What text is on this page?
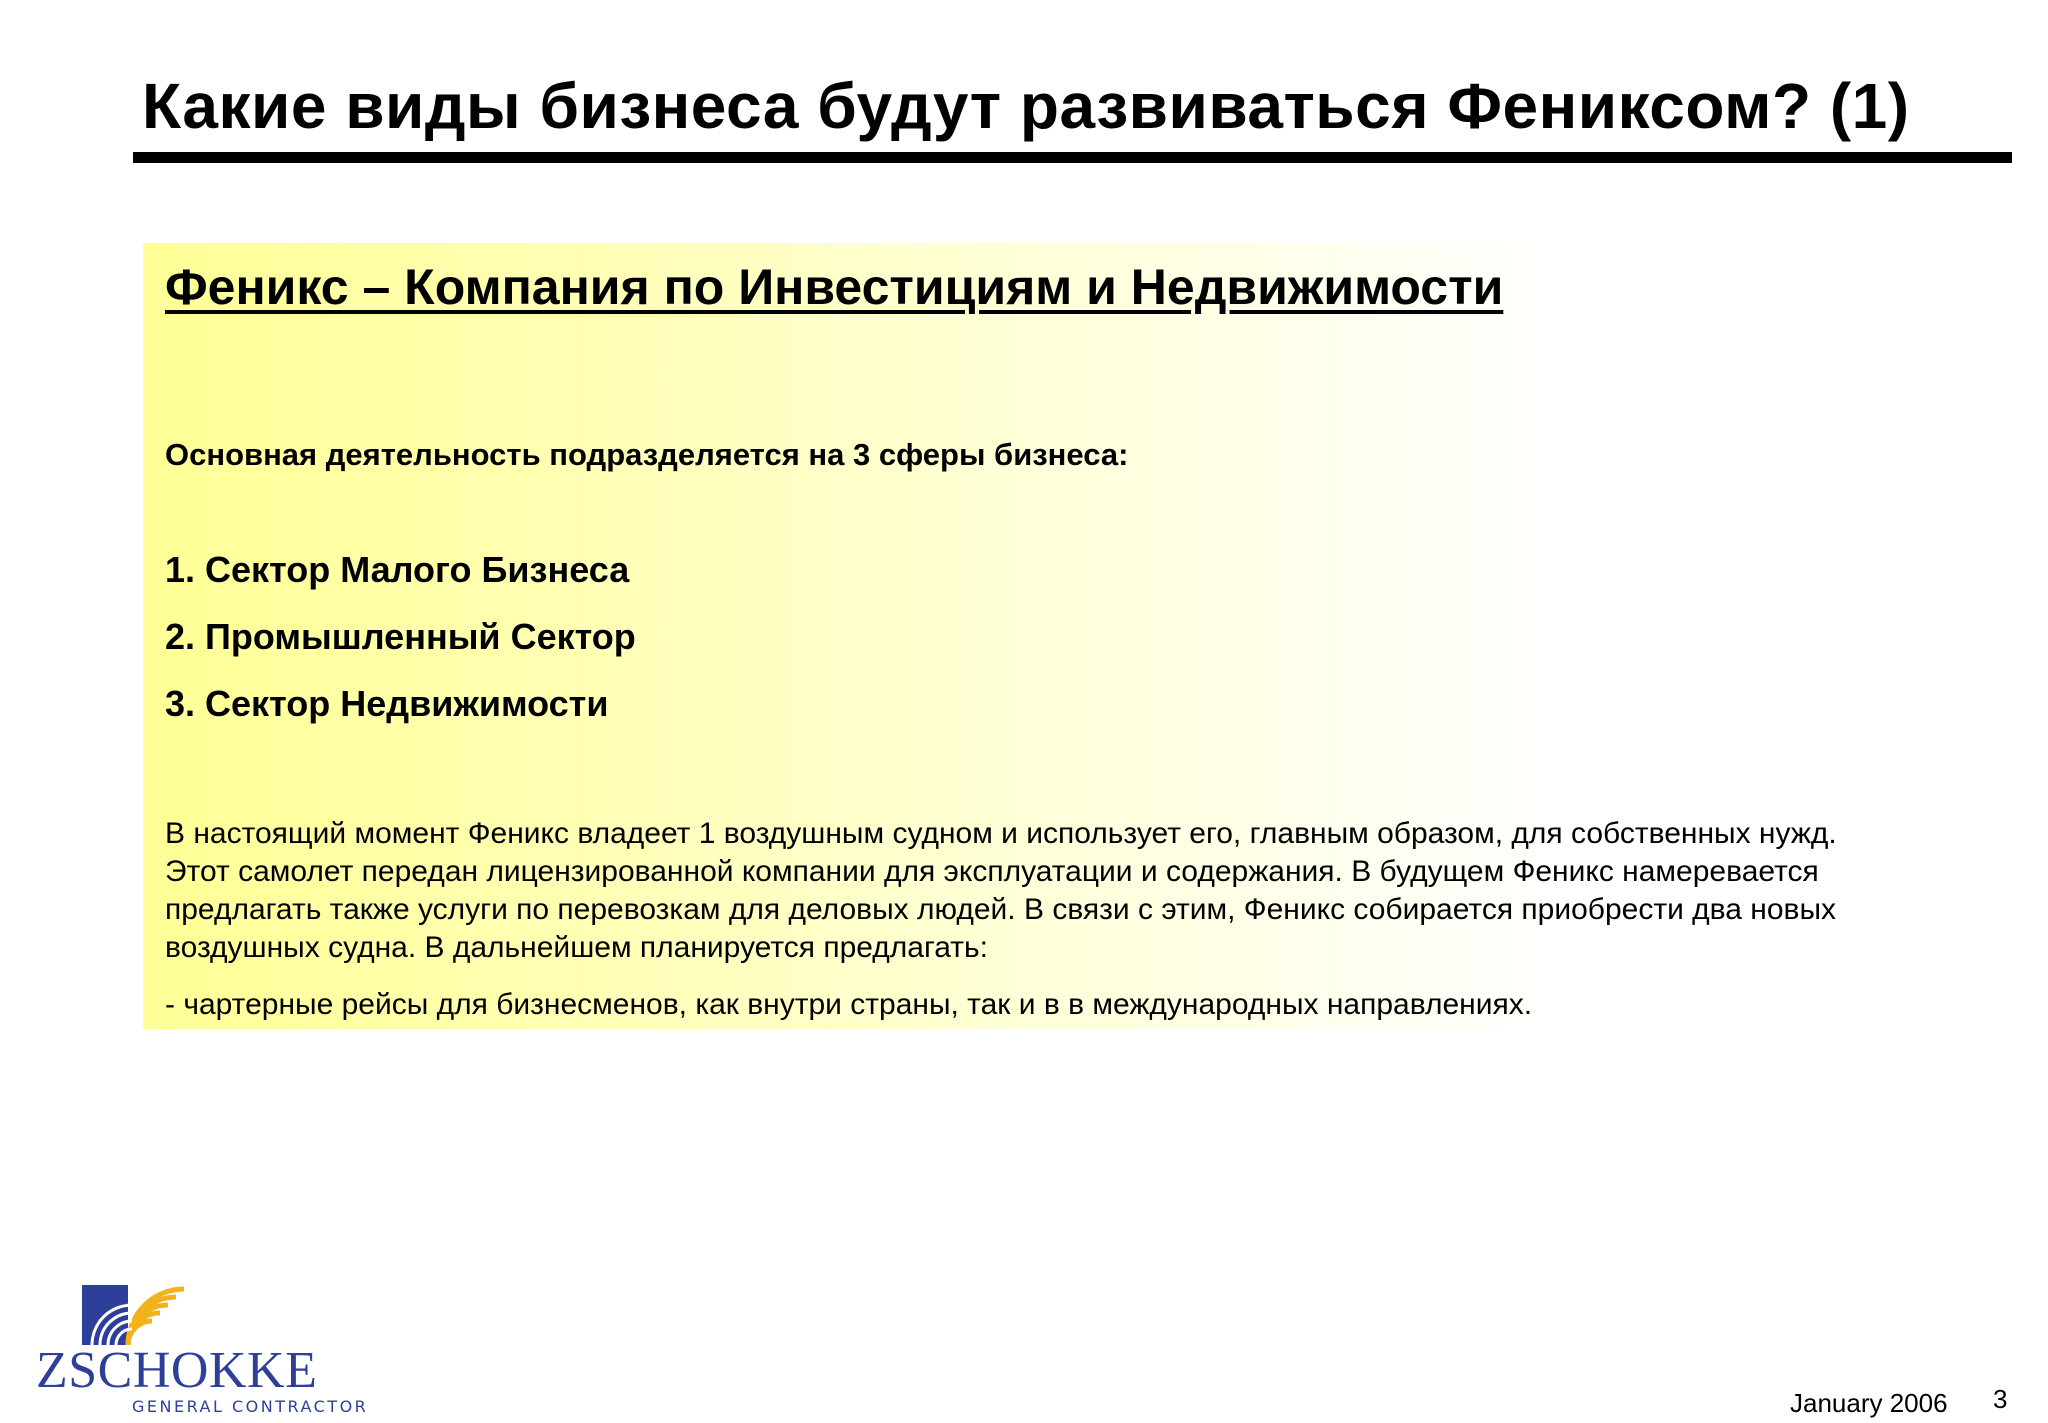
Какие виды бизнеса будут развиваться Фениксом? (1)
Феникс – Компания по Инвестициям и Недвижимости
Основная деятельность подразделяется на 3 сферы бизнеса:
1. Сектор Малого Бизнеса
2. Промышленный Сектор
3. Сектор Недвижимости

В настоящий момент Феникс владеет 1 воздушным судном и использует его, главным образом, для собственных нужд.

Этот самолет передан лицензированной компании для эксплуатации и содержания. В будущем Феникс намеревается

предлагать также услуги по перевозкам для деловых людей. В связи с этим, Феникс собирается приобрести два новых

воздушных судна. В дальнейшем планируется предлагать:

- чартерные рейсы для бизнесменов, как внутри страны, так и в в международных направлениях.
ZSCHOKKE
GENERAL CONTRACTOR	January 2006 3
